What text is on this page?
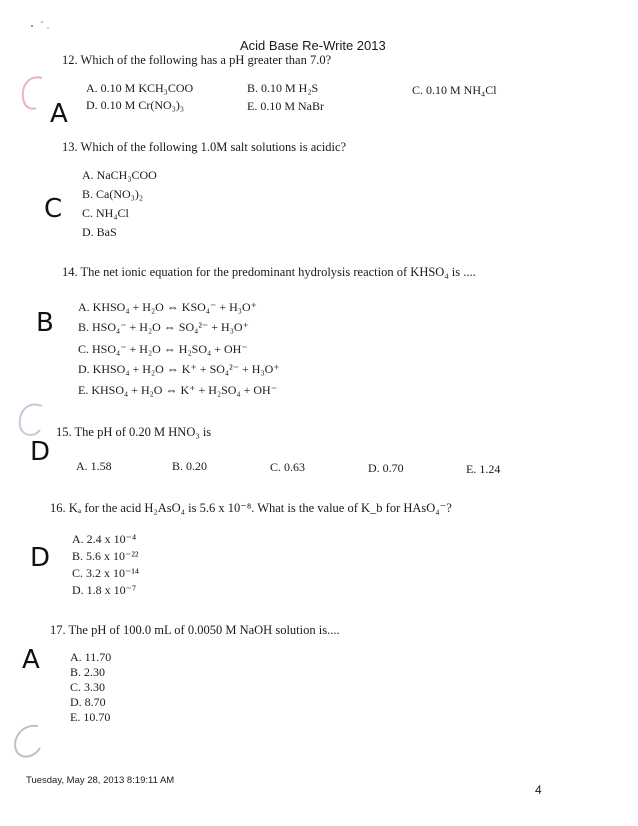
Acid Base Re-Write 2013
12. Which of the following has a pH greater than 7.0?
A. 0.10 M KCH₃COO	B. 0.10 M H₂S	C. 0.10 M NH₄Cl
D. 0.10 M Cr(NO₃)₃	E. 0.10 M NaBr
13. Which of the following 1.0M salt solutions is acidic?
A. NaCH₃COO
B. Ca(NO₃)₂
C. NH₄Cl
D. BaS
14. The net ionic equation for the predominant hydrolysis reaction of KHSO₄ is ....
A. KHSO₄ + H₂O ⇔ KSO₄⁻ + H₃O⁺
B. HSO₄⁻ + H₂O ⇔ SO₄²⁻ + H₃O⁺
C. HSO₄⁻ + H₂O ⇔ H₂SO₄ + OH⁻
D. KHSO₄ + H₂O ⇔ K⁺ + SO₄²⁻ + H₃O⁺
E. KHSO₄ + H₂O ⇔ K⁺ + H₂SO₄ + OH⁻
15. The pH of 0.20 M HNO₃ is
A. 1.58	B. 0.20	C. 0.63	D. 0.70	E. 1.24
16. Kₐ for the acid H₂AsO₄ is 5.6 x 10⁻⁸. What is the value of K_b for HAsO₄⁻?
A. 2.4 x 10⁻⁴
B. 5.6 x 10⁻²²
C. 3.2 x 10⁻¹⁴
D. 1.8 x 10⁻⁷
17. The pH of 100.0 mL of 0.0050 M NaOH solution is....
A. 11.70
B. 2.30
C. 3.30
D. 8.70
E. 10.70
Tuesday, May 28, 2013 8:19:11 AM
4
A
C
B
D
D
A
